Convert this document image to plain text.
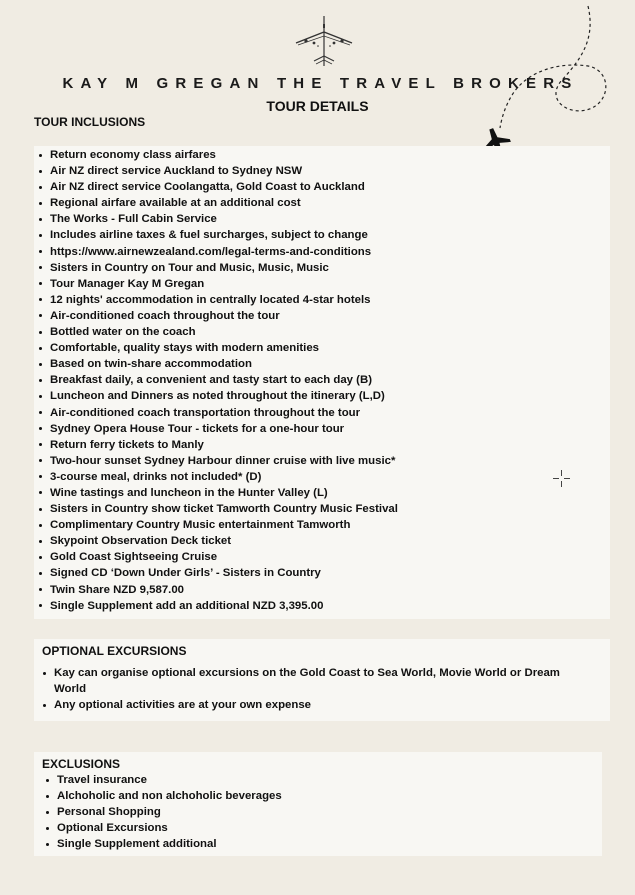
KAY M GREGAN THE TRAVEL BROKERS
TOUR DETAILS
TOUR INCLUSIONS
Return economy class airfares
Air NZ direct service Auckland to Sydney NSW
Air NZ direct service Coolangatta, Gold Coast to Auckland
Regional airfare available at an additional cost
The Works - Full Cabin Service
Includes airline taxes & fuel surcharges, subject to change
https://www.airnewzealand.com/legal-terms-and-conditions
Sisters in Country on Tour and Music, Music, Music
Tour Manager Kay M Gregan
12 nights' accommodation in centrally located 4-star hotels
Air-conditioned coach throughout the tour
Bottled water on the coach
Comfortable, quality stays with modern amenities
Based on twin-share accommodation
Breakfast daily, a convenient and tasty start to each day (B)
Luncheon and Dinners as noted throughout the itinerary (L,D)
Air-conditioned coach transportation throughout the tour
Sydney Opera House Tour - tickets for a one-hour tour
Return ferry tickets to Manly
Two-hour sunset Sydney Harbour dinner cruise with live music*
3-course meal, drinks not included* (D)
Wine tastings and luncheon in the Hunter Valley (L)
Sisters in Country show ticket Tamworth Country Music Festival
Complimentary Country Music entertainment Tamworth
Skypoint Observation Deck ticket
Gold Coast Sightseeing Cruise
Signed CD ‘Down Under Girls’ - Sisters in Country
Twin Share NZD 9,587.00
Single Supplement add an additional NZD 3,395.00
OPTIONAL EXCURSIONS
Kay can organise optional excursions on the Gold Coast to Sea World, Movie World or Dream World
Any optional activities are at your own expense
EXCLUSIONS
Travel insurance
Alchoholic and non alchoholic beverages
Personal Shopping
Optional Excursions
Single Supplement additional
